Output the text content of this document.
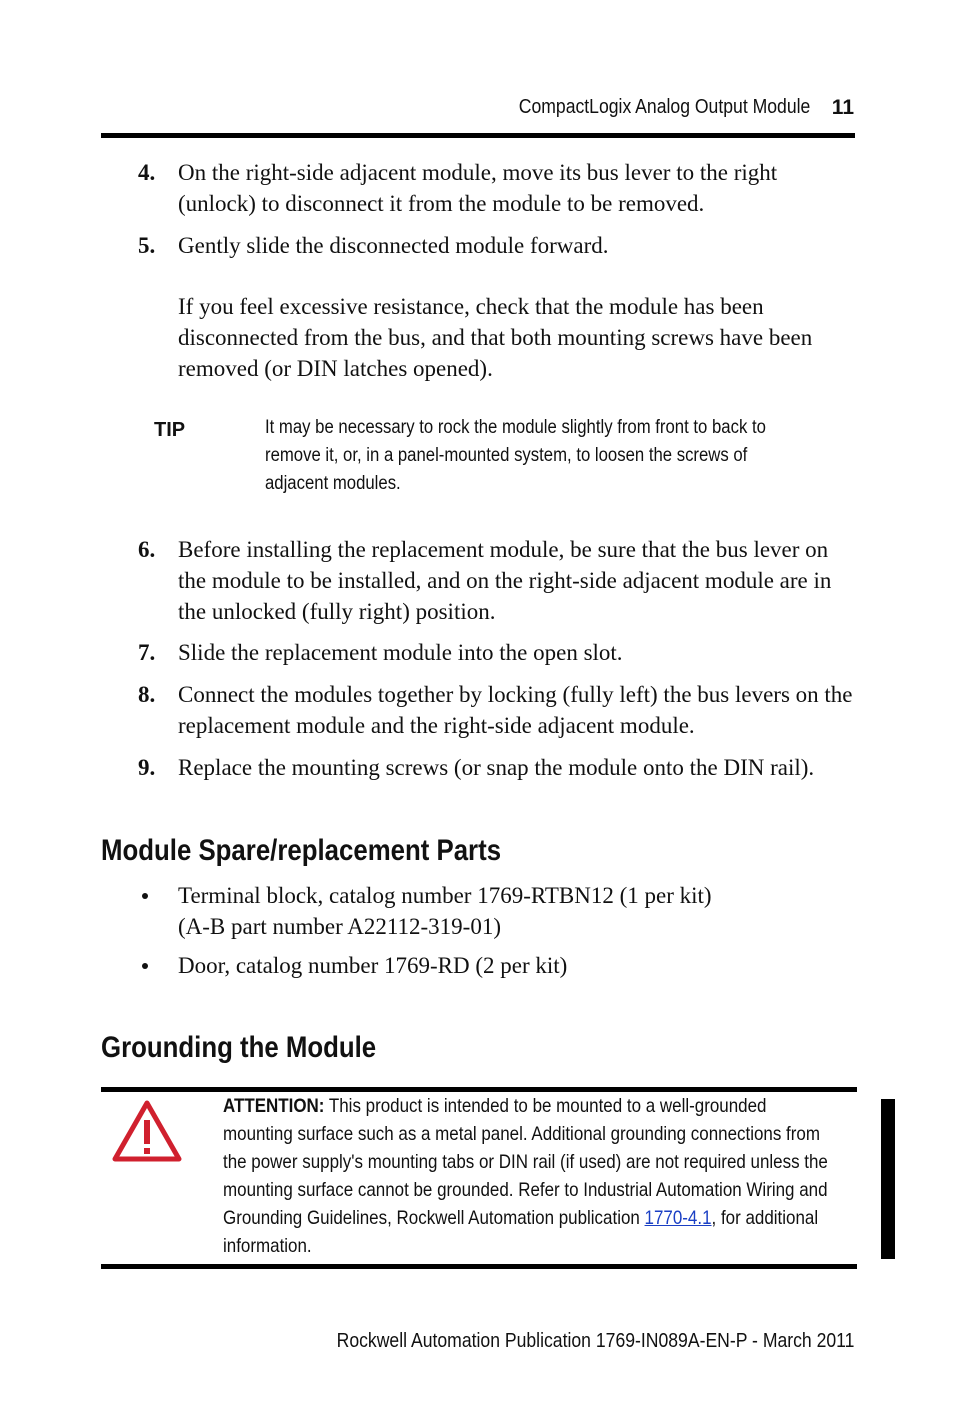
CompactLogix Analog Output Module 11
4. On the right-side adjacent module, move its bus lever to the right (unlock) to disconnect it from the module to be removed.
5. Gently slide the disconnected module forward.
If you feel excessive resistance, check that the module has been disconnected from the bus, and that both mounting screws have been removed (or DIN latches opened).
TIP	It may be necessary to rock the module slightly from front to back to remove it, or, in a panel-mounted system, to loosen the screws of adjacent modules.
6. Before installing the replacement module, be sure that the bus lever on the module to be installed, and on the right-side adjacent module are in the unlocked (fully right) position.
7. Slide the replacement module into the open slot.
8. Connect the modules together by locking (fully left) the bus levers on the replacement module and the right-side adjacent module.
9. Replace the mounting screws (or snap the module onto the DIN rail).
Module Spare/replacement Parts
Terminal block, catalog number 1769-RTBN12 (1 per kit)
(A-B part number A22112-319-01)
Door, catalog number 1769-RD (2 per kit)
Grounding the Module
ATTENTION: This product is intended to be mounted to a well-grounded mounting surface such as a metal panel. Additional grounding connections from the power supply's mounting tabs or DIN rail (if used) are not required unless the mounting surface cannot be grounded. Refer to Industrial Automation Wiring and Grounding Guidelines, Rockwell Automation publication 1770-4.1, for additional information.
Rockwell Automation Publication 1769-IN089A-EN-P - March 2011
